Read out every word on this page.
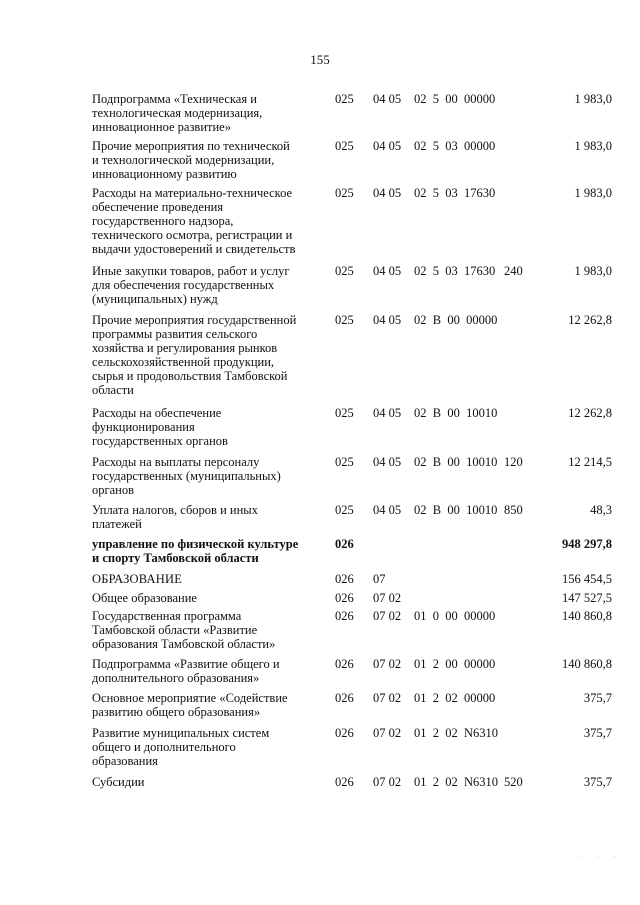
155
Подпрограмма «Техническая и
технологическая модернизация,
инновационное развитие»
025 04 05 02  5  00  00000	1 983,0
Прочие мероприятия по технической
и технологической модернизации,
инновационному развитию
025 04 05 02  5  03  00000	1 983,0
Расходы на материально-техническое
обеспечение проведения
государственного надзора,
технического осмотра, регистрации и
выдачи удостоверений и свидетельств
025 04 05 02  5  03  17630	1 983,0
Иные закупки товаров, работ и услуг
для обеспечения государственных
(муниципальных) нужд
025 04 05 02  5  03  17630 240	1 983,0
Прочие мероприятия государственной
программы развития сельского
хозяйства и регулирования рынков
сельскохозяйственной продукции,
сырья и продовольствия Тамбовской
области
025 04 05 02  В  00  00000	12 262,8
Расходы на обеспечение
функционирования
государственных органов
025 04 05 02  В  00  10010	12 262,8
Расходы на выплаты персоналу
государственных (муниципальных)
органов
025 04 05 02  В  00  10010 120	12 214,5
Уплата налогов, сборов и иных
платежей
025 04 05 02  В  00  10010 850	48,3
управление по физической культуре
и спорту Тамбовской области
026	948 297,8
ОБРАЗОВАНИЕ	026 07	156 454,5
Общее образование	026 07 02	147 527,5
Государственная программа
Тамбовской области «Развитие
образования Тамбовской области»
026 07 02 01  0  00  00000	140 860,8
Подпрограмма «Развитие общего и
дополнительного образования»
026 07 02 01  2  00  00000	140 860,8
Основное мероприятие «Содействие
развитию общего образования»
026 07 02 01  2  02  00000	375,7
Развитие муниципальных систем
общего и дополнительного
образования
026 07 02 01  2  02  N6310	375,7
Субсидии	026 07 02 01  2  02  N6310 520	375,7
· · ·
